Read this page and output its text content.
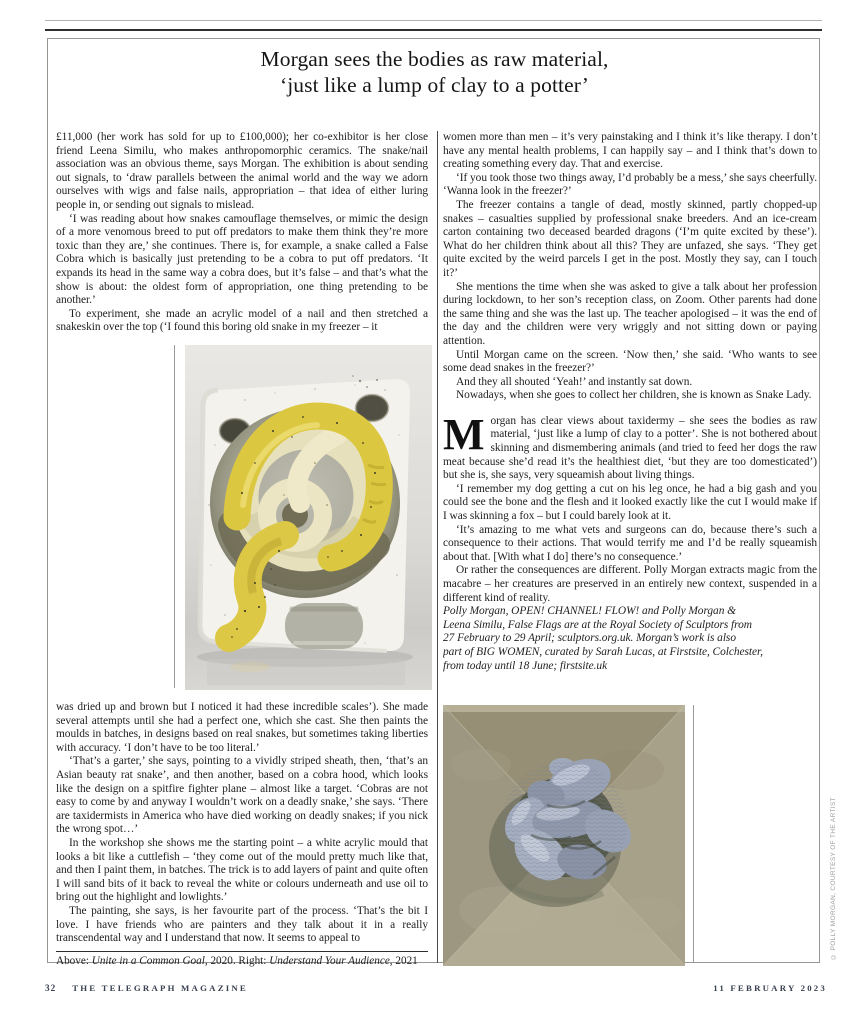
Morgan sees the bodies as raw material,
‘just like a lump of clay to a potter’

£11,000 (her work has sold for up to £100,000); her co-exhibitor is her close friend Leena Similu, who makes anthropomorphic ceramics. The snake/nail association was an obvious theme, says Morgan. The exhibition is about sending out signals, to ‘draw parallels between the animal world and the way we adorn ourselves with wigs and false nails, appropriation – that idea of either luring people in, or sending out signals to mislead.

‘I was reading about how snakes camouflage themselves, or mimic the design of a more venomous breed to put off predators to make them think they’re more toxic than they are,’ she continues. There is, for example, a snake called a False Cobra which is basically just pretending to be a cobra to put off predators. ‘It expands its head in the same way a cobra does, but it’s false – and that’s what the show is about: the oldest form of appropriation, one thing pretending to be another.’

To experiment, she made an acrylic model of a nail and then stretched a snakeskin over the top (‘I found this boring old snake in my freezer – it

was dried up and brown but I noticed it had these incredible scales’). She made several attempts until she had a perfect one, which she cast. She then paints the moulds in batches, in designs based on real snakes, but sometimes taking liberties with accuracy. ‘I don’t have to be too literal.’

‘That’s a garter,’ she says, pointing to a vividly striped sheath, then, ‘that’s an Asian beauty rat snake’, and then another, based on a cobra hood, which looks like the design on a spitfire fighter plane – almost like a target. ‘Cobras are not easy to come by and anyway I wouldn’t work on a deadly snake,’ she says. ‘There are taxidermists in America who have died working on deadly snakes; if you nick the wrong spot…’

In the workshop she shows me the starting point – a white acrylic mould that looks a bit like a cuttlefish – ‘they come out of the mould pretty much like that, and then I paint them, in batches. The trick is to add layers of paint and quite often I will sand bits of it back to reveal the white or colours underneath and use oil to bring out the highlight and lowlights.’

The painting, she says, is her favourite part of the process. ‘That’s the bit I love. I have friends who are painters and they talk about it in a really transcendental way and I understand that now. It seems to appeal to

Above: Unite in a Common Goal, 2020. Right: Understand Your Audience, 2021

women more than men – it’s very painstaking and I think it’s like therapy. I don’t have any mental health problems, I can happily say – and I think that’s down to creating something every day. That and exercise.

‘If you took those two things away, I’d probably be a mess,’ she says cheerfully. ‘Wanna look in the freezer?’

The freezer contains a tangle of dead, mostly skinned, partly chopped-up snakes – casualties supplied by professional snake breeders. And an ice-cream carton containing two deceased bearded dragons (‘I’m quite excited by these’). What do her children think about all this? They are unfazed, she says. ‘They get quite excited by the weird parcels I get in the post. Mostly they say, can I touch it?’

She mentions the time when she was asked to give a talk about her profession during lockdown, to her son’s reception class, on Zoom. Other parents had done the same thing and she was the last up. The teacher apologised – it was the end of the day and the children were very wriggly and not sitting down or paying attention.

Until Morgan came on the screen. ‘Now then,’ she said. ‘Who wants to see some dead snakes in the freezer?’

And they all shouted ‘Yeah!’ and instantly sat down.

Nowadays, when she goes to collect her children, she is known as Snake Lady.

Morgan has clear views about taxidermy – she sees the bodies as raw material, ‘just like a lump of clay to a potter’. She is not bothered about skinning and dismembering animals (and tried to feed her dogs the raw meat because she’d read it’s the healthiest diet, ‘but they are too domesticated’) but she is, she says, very squeamish about living things.

‘I remember my dog getting a cut on his leg once, he had a big gash and you could see the bone and the flesh and it looked exactly like the cut I would make if I was skinning a fox – but I could barely look at it.

‘It’s amazing to me what vets and surgeons can do, because there’s such a consequence to their actions. That would terrify me and I’d be really squeamish about that. [With what I do] there’s no consequence.’

Or rather the consequences are different. Polly Morgan extracts magic from the macabre – her creatures are preserved in an entirely new context, suspended in a different kind of reality.

Polly Morgan, OPEN! CHANNEL! FLOW! and Polly Morgan &
Leena Similu, False Flags are at the Royal Society of Sculptors from
27 February to 29 April; sculptors.org.uk. Morgan’s work is also
part of BIG WOMEN, curated by Sarah Lucas, at Firstsite, Colchester,
from today until 18 June; firstsite.uk
© POLLY MORGAN, COURTESY OF THE ARTIST
32 THE TELEGRAPH MAGAZINE	11 FEBRUARY 2023
